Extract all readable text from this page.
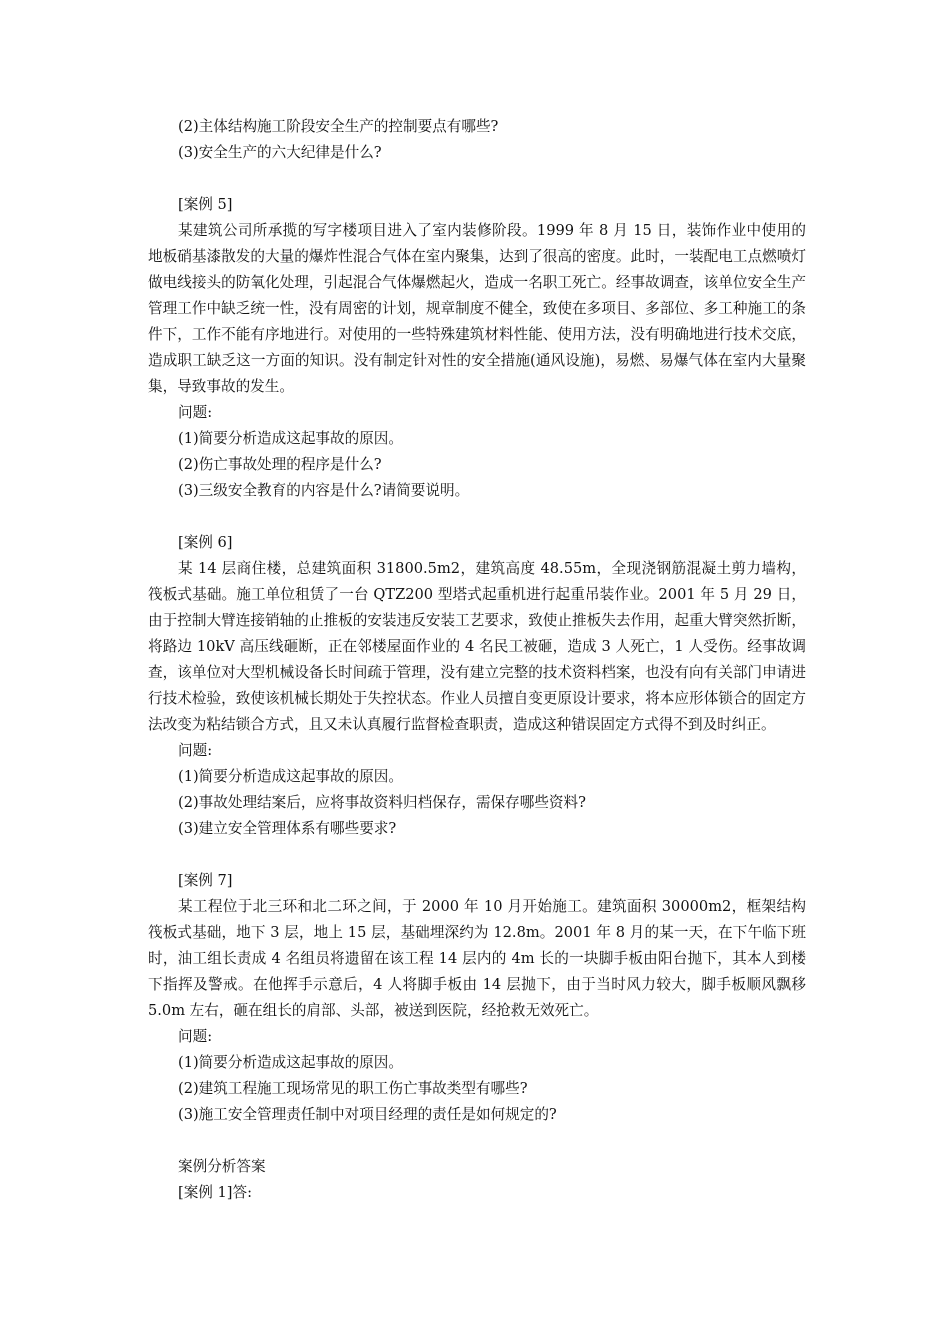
(2)主体结构施工阶段安全生产的控制要点有哪些?
(3)安全生产的六大纪律是什么?
[案例 5]
某建筑公司所承揽的写字楼项目进入了室内装修阶段。1999 年 8 月 15 日，装饰作业中使用的地板硝基漆散发的大量的爆炸性混合气体在室内聚集，达到了很高的密度。此时，一装配电工点燃喷灯做电线接头的防氧化处理，引起混合气体爆燃起火，造成一名职工死亡。经事故调查，该单位安全生产管理工作中缺乏统一性，没有周密的计划，规章制度不健全，致使在多项目、多部位、多工种施工的条件下，工作不能有序地进行。对使用的一些特殊建筑材料性能、使用方法，没有明确地进行技术交底，造成职工缺乏这一方面的知识。没有制定针对性的安全措施(通风设施)，易燃、易爆气体在室内大量聚集，导致事故的发生。
问题:
(1)简要分析造成这起事故的原因。
(2)伤亡事故处理的程序是什么?
(3)三级安全教育的内容是什么?请简要说明。
[案例 6]
某 14 层商住楼，总建筑面积 31800.5m2，建筑高度 48.55m，全现浇钢筋混凝土剪力墙构，筏板式基础。施工单位租赁了一台 QTZ200 型塔式起重机进行起重吊装作业。2001 年 5 月 29 日，由于控制大臂连接销轴的止推板的安装违反安装工艺要求，致使止推板失去作用，起重大臂突然折断，将路边 10kV 高压线砸断，正在邻楼屋面作业的 4 名民工被砸，造成 3 人死亡，1 人受伤。经事故调查，该单位对大型机械设备长时间疏于管理，没有建立完整的技术资料档案，也没有向有关部门申请进行技术检验，致使该机械长期处于失控状态。作业人员擅自变更原设计要求，将本应形体锁合的固定方法改变为粘结锁合方式，且又未认真履行监督检查职责，造成这种错误固定方式得不到及时纠正。
问题:
(1)简要分析造成这起事故的原因。
(2)事故处理结案后，应将事故资料归档保存，需保存哪些资料?
(3)建立安全管理体系有哪些要求?
[案例 7]
某工程位于北三环和北二环之间，于 2000 年 10 月开始施工。建筑面积 30000m2，框架结构筏板式基础，地下 3 层，地上 15 层，基础埋深约为 12.8m。2001 年 8 月的某一天，在下午临下班时，油工组长责成 4 名组员将遗留在该工程 14 层内的 4m 长的一块脚手板由阳台抛下，其本人到楼下指挥及警戒。在他挥手示意后，4 人将脚手板由 14 层抛下，由于当时风力较大，脚手板顺风飘移 5.0m 左右，砸在组长的肩部、头部，被送到医院，经抢救无效死亡。
问题:
(1)简要分析造成这起事故的原因。
(2)建筑工程施工现场常见的职工伤亡事故类型有哪些?
(3)施工安全管理责任制中对项目经理的责任是如何规定的?
案例分析答案
[案例 1]答:
